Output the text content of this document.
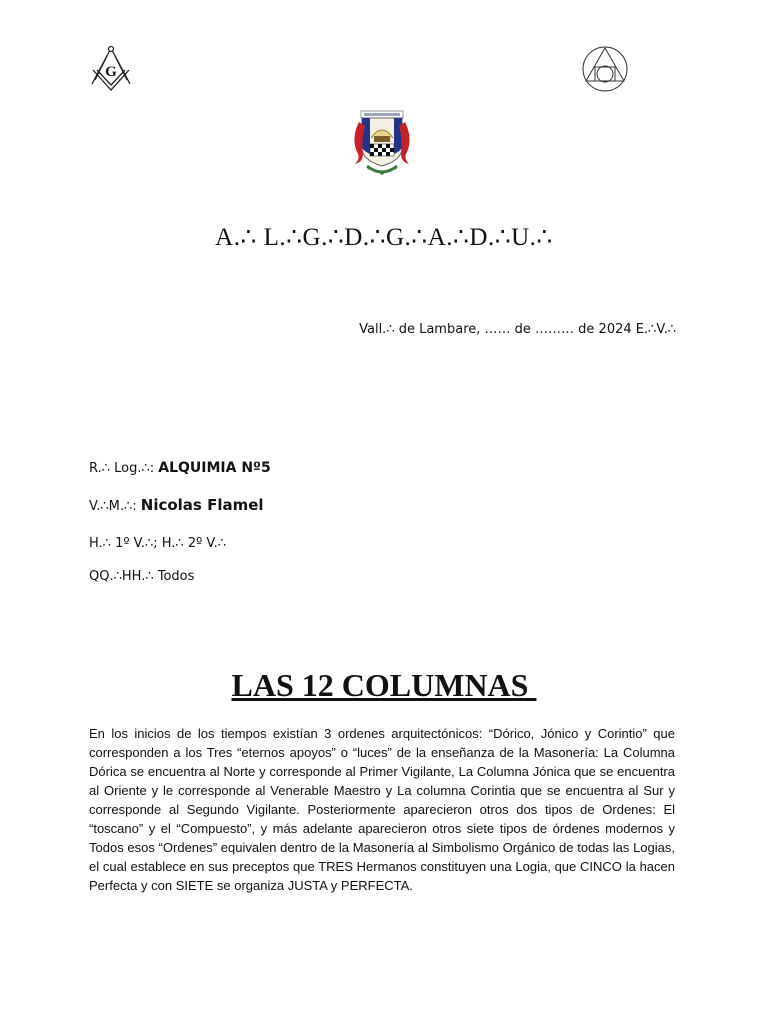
G
A.∴ L.∴G.∴D.∴G.∴A.∴D.∴U.∴
Vall.∴ de Lambare, …… de ……… de 2024 E.∴V.∴
R.∴ Log.∴: ALQUIMIA Nº5
V.∴M.∴: Nicolas Flamel
H.∴ 1º V.∴; H.∴ 2º V.∴
QQ.∴HH.∴ Todos
LAS 12 COLUMNAS
En los inicios de los tiempos existían 3 ordenes arquitectónicos: “Dórico, Jónico y Corintio” que corresponden a los Tres “eternos apoyos” o “luces” de la enseñanza de la Masonería: La Columna Dórica se encuentra al Norte y corresponde al Primer Vigilante, La Columna Jónica que se encuentra al Oriente y le corresponde al Venerable Maestro y La columna Corintia que se encuentra al Sur y corresponde al Segundo Vigilante. Posteriormente aparecieron otros dos tipos de Ordenes: El “toscano” y el “Compuesto”, y más adelante aparecieron otros siete tipos de órdenes modernos y Todos esos “Ordenes” equivalen dentro de la Masonería al Simbolismo Orgánico de todas las Logias, el cual establece en sus preceptos que TRES Hermanos constituyen una Logia, que CINCO la hacen Perfecta y con SIETE se organiza JUSTA y PERFECTA.
